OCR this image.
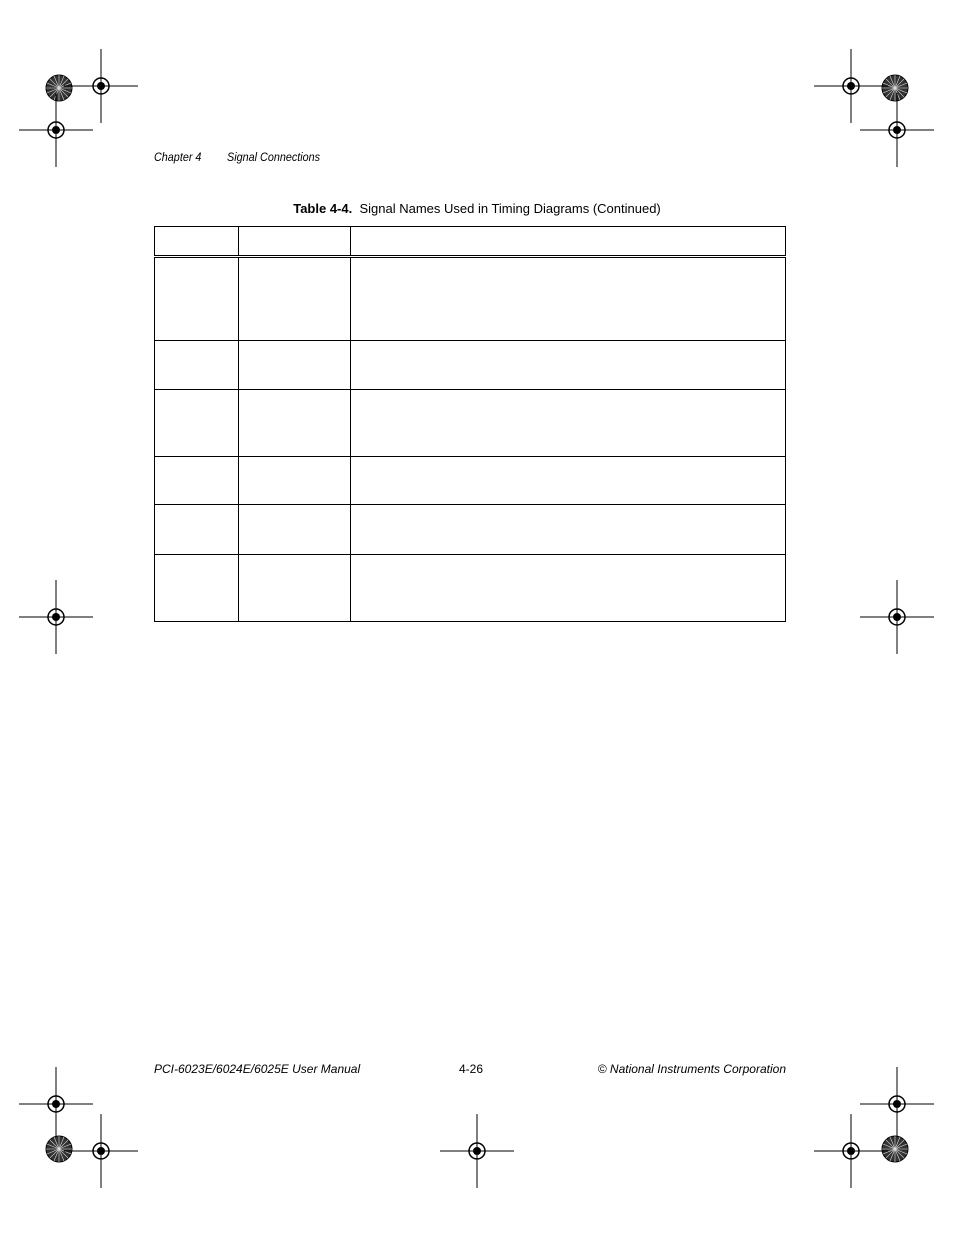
Chapter 4 Signal Connections
Table 4-4. Signal Names Used in Timing Diagrams (Continued)

PCI-6023E/6024E/6025E User Manual	4-26	© National Instruments Corporation
